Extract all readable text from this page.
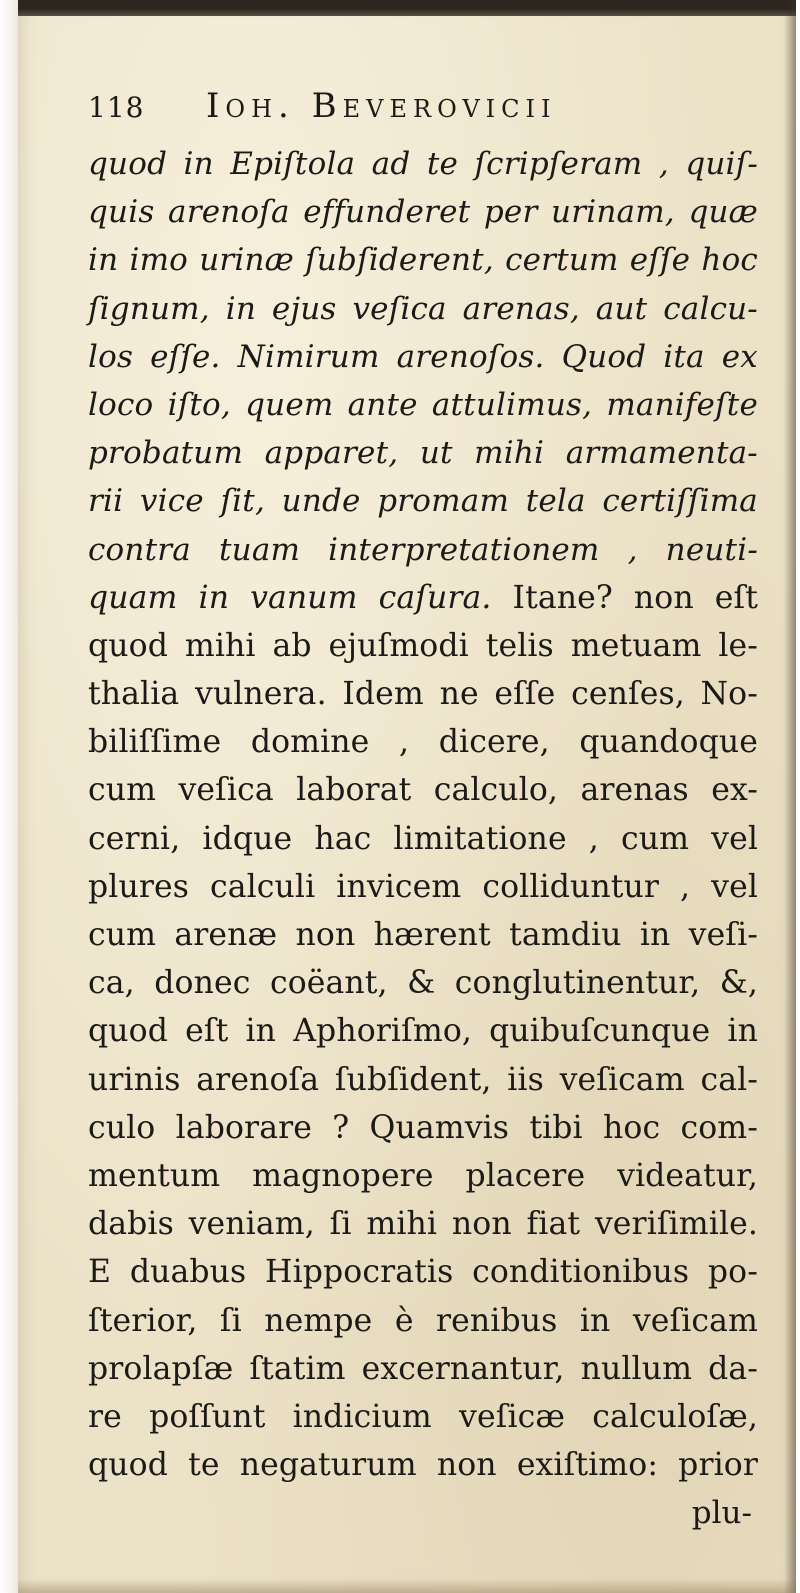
118	Ioh. Beverovicii
quod in Epiſtola ad te ſcripſeram , quiſ-
quis arenoſa effunderet per urinam, quæ
in imo urinæ ſubſiderent, certum eſſe hoc
ſignum, in ejus veſica arenas, aut calcu-
los eſſe. Nimirum arenoſos. Quod ita ex
loco iſto, quem ante attulimus, manifeſte
probatum apparet, ut mihi armamenta-
rii vice ſit, unde promam tela certiſſima
contra tuam interpretationem , neuti-
quam in vanum caſura. Itane? non eſt
quod mihi ab ejuſmodi telis metuam le-
thalia vulnera. Idem ne eſſe cenſes, No-
biliſſime domine , dicere, quandoque
cum veſica laborat calculo, arenas ex-
cerni, idque hac limitatione , cum vel
plures calculi invicem colliduntur , vel
cum arenæ non hærent tamdiu in veſi-
ca, donec coëant, & conglutinentur, &,
quod eſt in Aphoriſmo, quibuſcunque in
urinis arenoſa ſubſident, iis veſicam cal-
culo laborare ? Quamvis tibi hoc com-
mentum magnopere placere videatur,
dabis veniam, ſi mihi non fiat veriſimile.
E duabus Hippocratis conditionibus po-
ſterior, ſi nempe è renibus in veſicam
prolapſæ ſtatim excernantur, nullum da-
re poſſunt indicium veſicæ calculoſæ,
quod te negaturum non exiſtimo: prior
plu-
